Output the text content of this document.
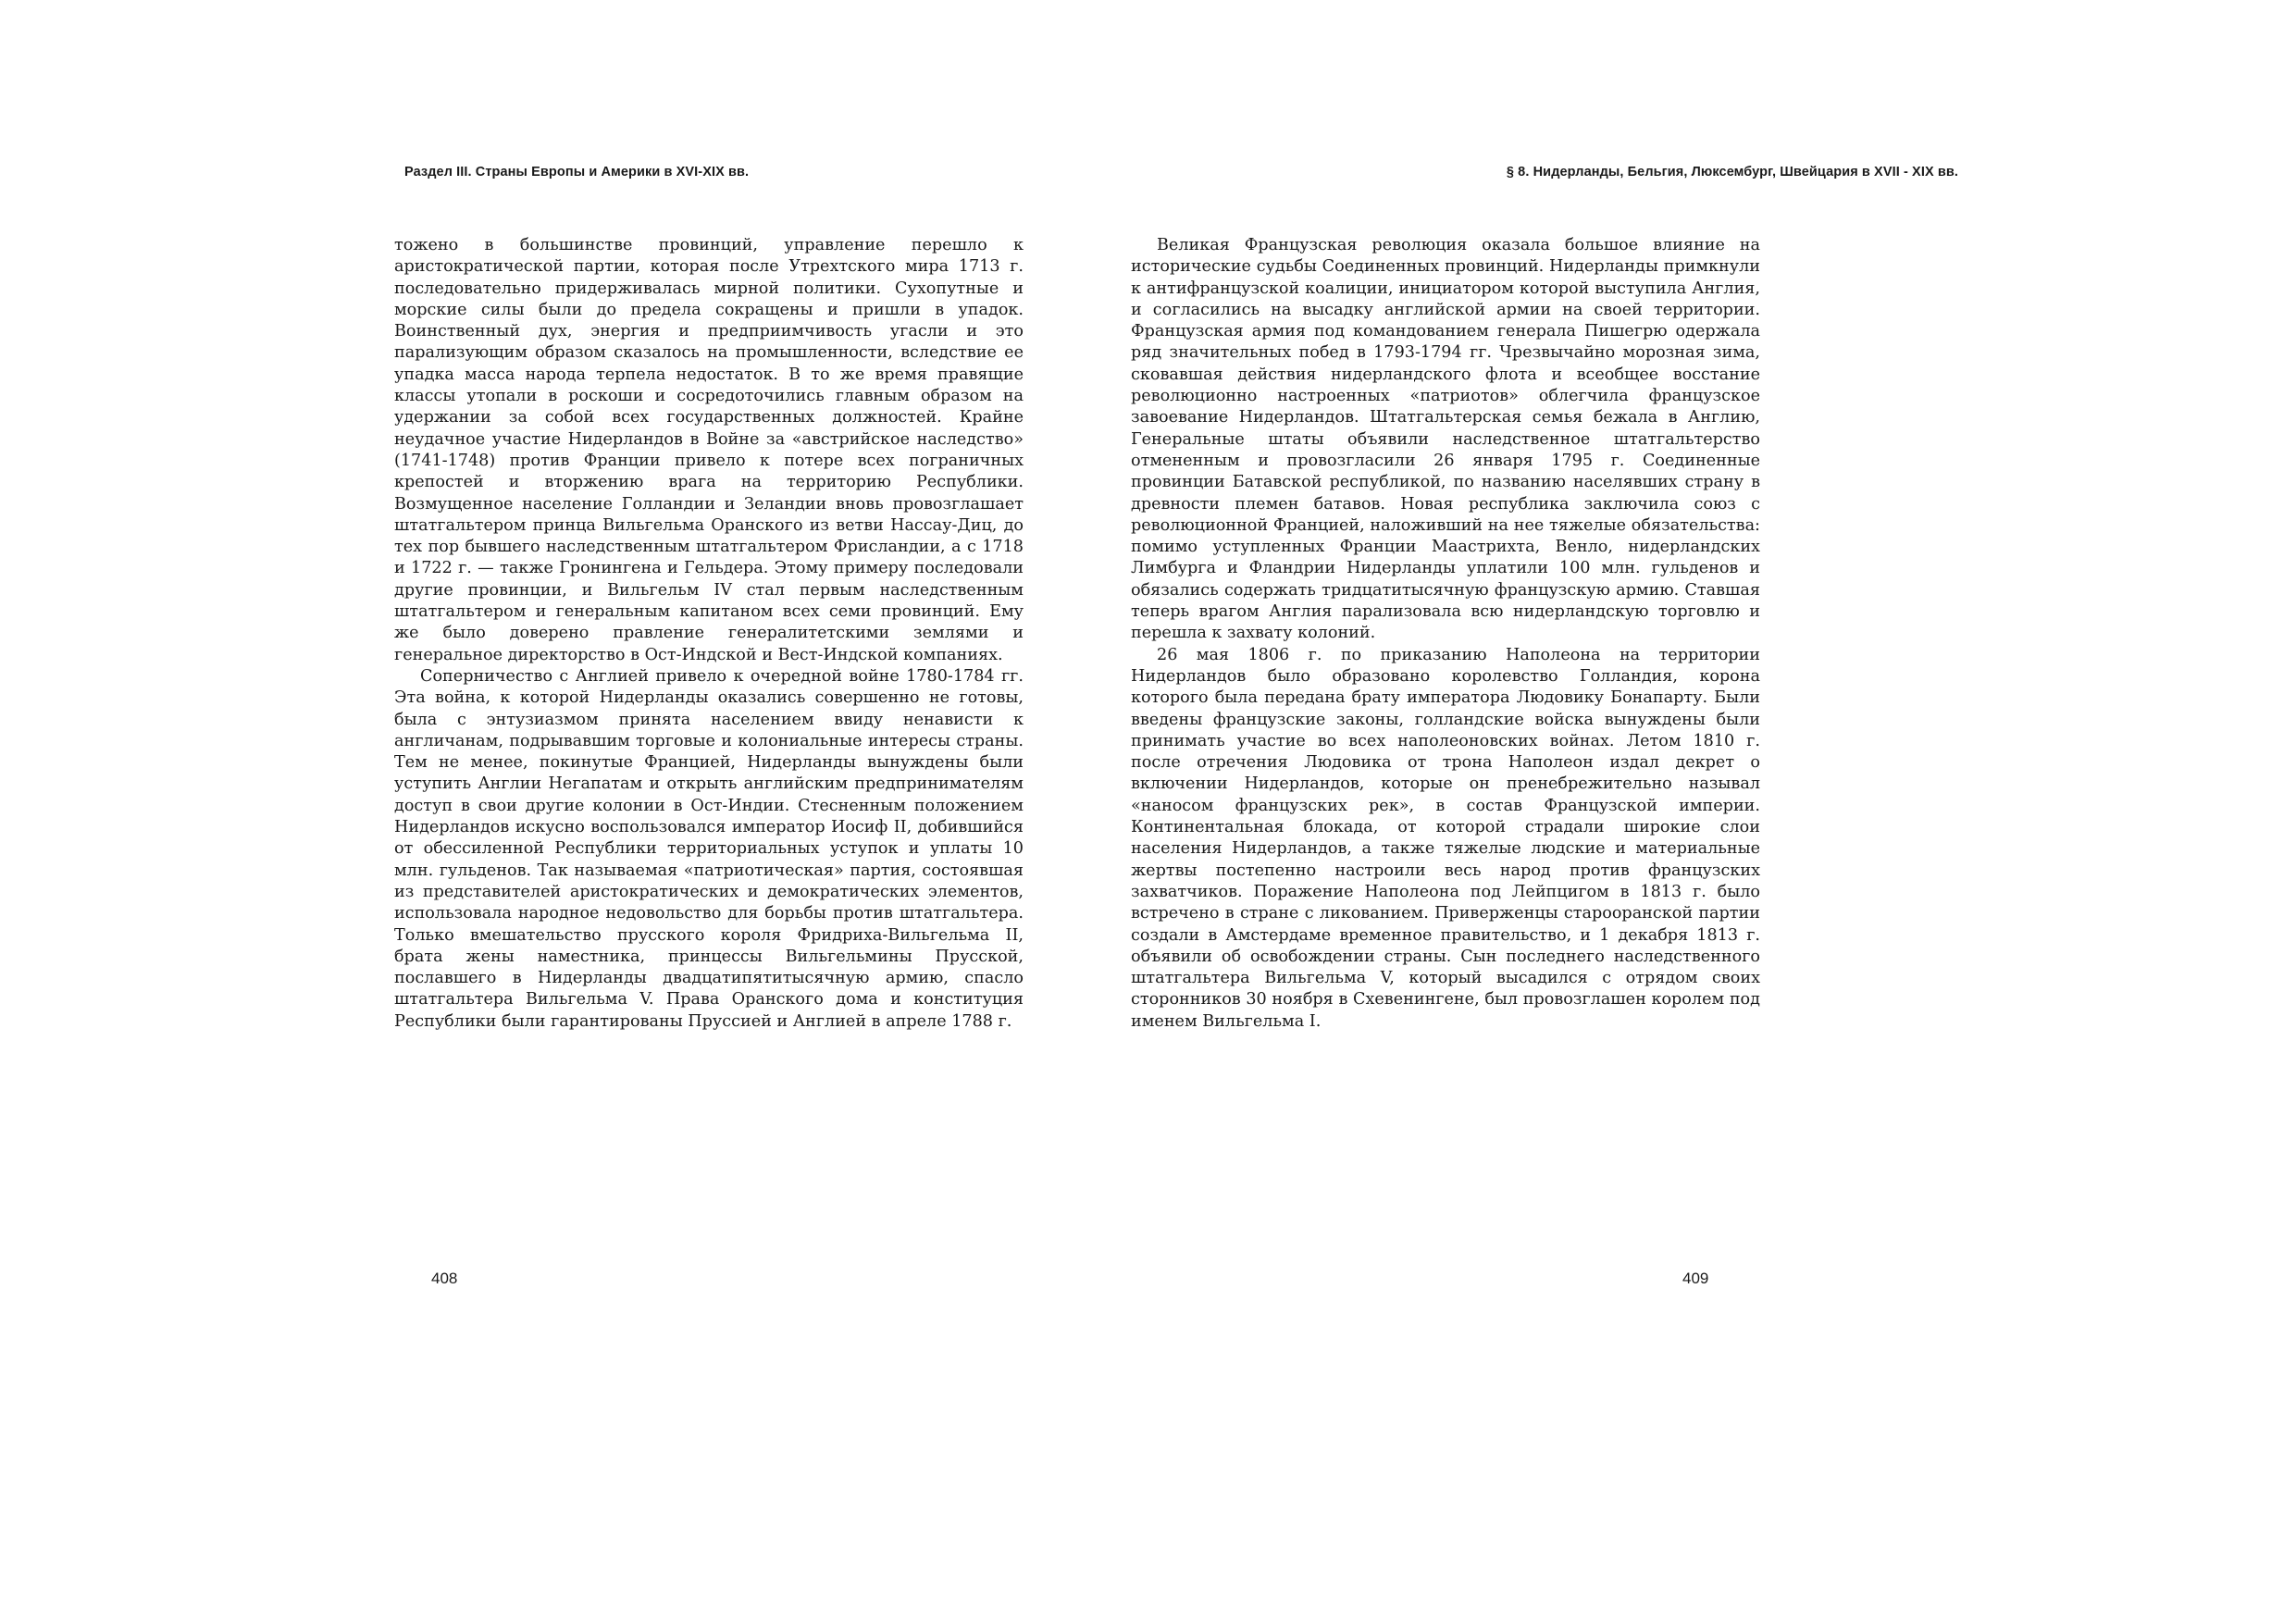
Раздел III. Страны Европы и Америки в XVI-XIX вв.

тожено в большинстве провинций, управление перешло к аристократической партии, которая после Утрехтского мира 1713 г. последовательно придерживалась мирной политики. Сухопутные и морские силы были до предела сокращены и пришли в упадок. Воинственный дух, энергия и предприимчивость угасли и это парализующим образом сказалось на промышленности, вследствие ее упадка масса народа терпела недостаток. В то же время правящие классы утопали в роскоши и сосредоточились главным образом на удержании за собой всех государственных должностей. Крайне неудачное участие Нидерландов в Войне за «австрийское наследство» (1741-1748) против Франции привело к потере всех пограничных крепостей и вторжению врага на территорию Республики. Возмущенное население Голландии и Зеландии вновь провозглашает штатгальтером принца Вильгельма Оранского из ветви Нассау-Диц, до тех пор бывшего наследственным штатгальтером Фрисландии, а с 1718 и 1722 г. — также Гронингена и Гельдера. Этому примеру последовали другие провинции, и Вильгельм IV стал первым наследственным штатгальтером и генеральным капитаном всех семи провинций. Ему же было доверено правление генералитетскими землями и генеральное директорство в Ост-Индской и Вест-Индской компаниях.

Соперничество с Англией привело к очередной войне 1780-1784 гг. Эта война, к которой Нидерланды оказались совершенно не готовы, была с энтузиазмом принята населением ввиду ненависти к англичанам, подрывавшим торговые и колониальные интересы страны. Тем не менее, покинутые Францией, Нидерланды вынуждены были уступить Англии Негапатам и открыть английским предпринимателям доступ в свои другие колонии в Ост-Индии. Стесненным положением Нидерландов искусно воспользовался император Иосиф II, добившийся от обессиленной Республики территориальных уступок и уплаты 10 млн. гульденов. Так называемая «патриотическая» партия, состоявшая из представителей аристократических и демократических элементов, использовала народное недовольство для борьбы против штатгальтера. Только вмешательство прусского короля Фридриха-Вильгельма II, брата жены наместника, принцессы Вильгельмины Прусской, пославшего в Нидерланды двадцатипятитысячную армию, спасло штатгальтера Вильгельма V. Права Оранского дома и конституция Республики были гарантированы Пруссией и Англией в апреле 1788 г.

408
§ 8. Нидерланды, Бельгия, Люксембург, Швейцария в XVII - XIX вв.

Великая Французская революция оказала большое влияние на исторические судьбы Соединенных провинций. Нидерланды примкнули к антифранцузской коалиции, инициатором которой выступила Англия, и согласились на высадку английской армии на своей территории. Французская армия под командованием генерала Пишегрю одержала ряд значительных побед в 1793-1794 гг. Чрезвычайно морозная зима, сковавшая действия нидерландского флота и всеобщее восстание революционно настроенных «патриотов» облегчила французское завоевание Нидерландов. Штатгальтерская семья бежала в Англию, Генеральные штаты объявили наследственное штатгальтерство отмененным и провозгласили 26 января 1795 г. Соединенные провинции Батавской республикой, по названию населявших страну в древности племен батавов. Новая республика заключила союз с революционной Францией, наложивший на нее тяжелые обязательства: помимо уступленных Франции Маастрихта, Венло, нидерландских Лимбурга и Фландрии Нидерланды уплатили 100 млн. гульденов и обязались содержать тридцатитысячную французскую армию. Ставшая теперь врагом Англия парализовала всю нидерландскую торговлю и перешла к захвату колоний.

26 мая 1806 г. по приказанию Наполеона на территории Нидерландов было образовано королевство Голландия, корона которого была передана брату императора Людовику Бонапарту. Были введены французские законы, голландские войска вынуждены были принимать участие во всех наполеоновских войнах. Летом 1810 г. после отречения Людовика от трона Наполеон издал декрет о включении Нидерландов, которые он пренебрежительно называл «наносом французских рек», в состав Французской империи. Континентальная блокада, от которой страдали широкие слои населения Нидерландов, а также тяжелые людские и материальные жертвы постепенно настроили весь народ против французских захватчиков. Поражение Наполеона под Лейпцигом в 1813 г. было встречено в стране с ликованием. Приверженцы старооранской партии создали в Амстердаме временное правительство, и 1 декабря 1813 г. объявили об освобождении страны. Сын последнего наследственного штатгальтера Вильгельма V, который высадился с отрядом своих сторонников 30 ноября в Схевенингене, был провозглашен королем под именем Вильгельма I.

409
